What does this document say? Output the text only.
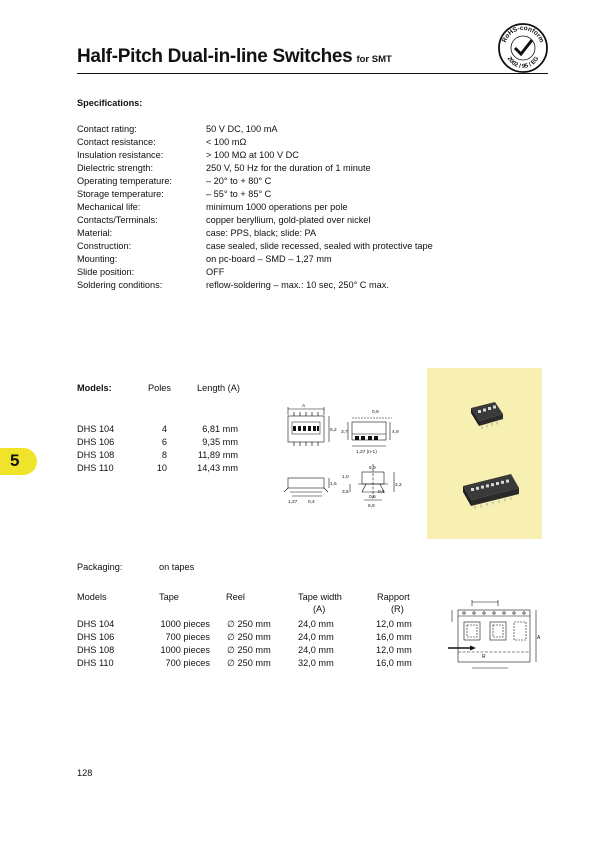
Half-Pitch Dual-in-line Switches for SMT
RoHS-conform
2002 / 95 / EG
Specifications:
Contact rating:	50 V DC, 100 mA
Contact resistance:	< 100 mΩ
Insulation resistance:	> 100 MΩ at 100 V DC
Dielectric strength:	250 V, 50 Hz for the duration of 1 minute
Operating temperature:	– 20° to + 80° C
Storage temperature:	– 55° to + 85° C
Mechanical life:	minimum 1000 operations per pole
Contacts/Terminals:	copper beryllium, gold-plated over nickel
Material:	case: PPS, black; slide: PA
Construction:	case sealed, slide recessed, sealed with protective tape
Mounting:	on pc-board – SMD – 1,27 mm
Slide position:	OFF
Soldering conditions:	reflow-soldering – max.: 10 sec, 250° C max.
Models:	Poles	Length (A)
DHS 104	4	6,81 mm
DHS 106	6	9,35 mm
DHS 108	8	11,89 mm
DHS 110	10	14,43 mm
A
5,2
0,9
3,7	4,9
1,27 (n-1)
1,5
1,27 0,4
5,9
1,0
2,2
0,5
3,5
6,9
0,6
5
Packaging:	on tapes
Models	Tape	Reel	Tape width	Rapport
(A)	(R)
DHS 104	1000 pieces ∅ 250 mm	24,0 mm	12,0 mm
DHS 106	700 pieces ∅ 250 mm	24,0 mm	16,0 mm
DHS 108	1000 pieces ∅ 250 mm	24,0 mm	12,0 mm
DHS 110	700 pieces ∅ 250 mm	32,0 mm	16,0 mm
A
R
128
